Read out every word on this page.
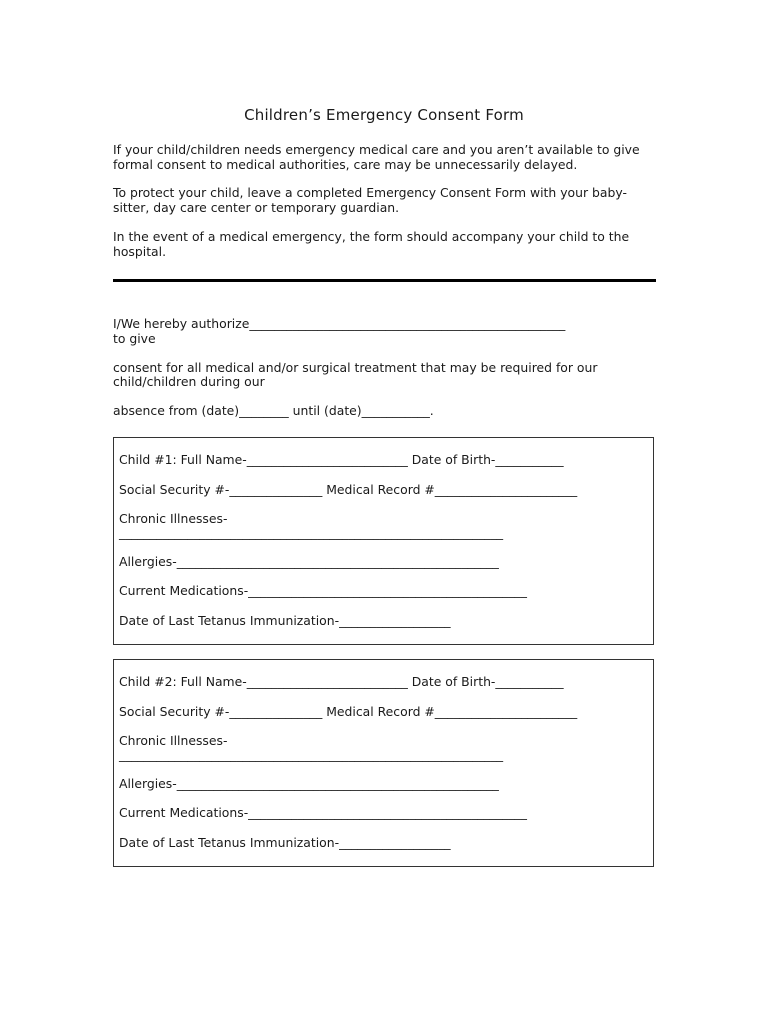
Children’s Emergency Consent Form
If your child/children needs emergency medical care and you aren’t available to give
formal consent to medical authorities, care may be unnecessarily delayed.
To protect your child, leave a completed Emergency Consent Form with your baby-
sitter, day care center or temporary guardian.
In the event of a medical emergency, the form should accompany your child to the
hospital.
I/We hereby authorize___________________________________________________
to give
consent for all medical and/or surgical treatment that may be required for our
child/children during our
absence from (date)________ until (date)___________.
Child #1: Full Name-__________________________ Date of Birth-___________
Social Security #-_______________ Medical Record #_______________________
Chronic Illnesses-
______________________________________________________________
Allergies-____________________________________________________
Current Medications-_____________________________________________
Date of Last Tetanus Immunization-__________________
Child #2: Full Name-__________________________ Date of Birth-___________
Social Security #-_______________ Medical Record #_______________________
Chronic Illnesses-
______________________________________________________________
Allergies-____________________________________________________
Current Medications-_____________________________________________
Date of Last Tetanus Immunization-__________________
